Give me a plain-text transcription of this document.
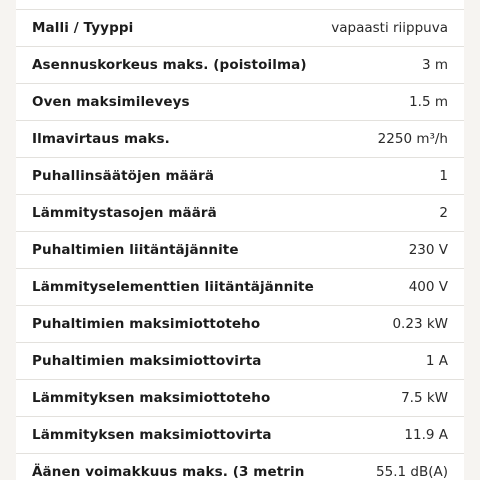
Malli / Tyyppi	vapaasti riippuva
Asennuskorkeus maks. (poistoilma)	3 m
Oven maksimileveys	1.5 m
Ilmavirtaus maks.	2250 m³/h
Puhallinsäätöjen määrä	1
Lämmitystasojen määrä	2
Puhaltimien liitäntäjännite	230 V
Lämmityselementtien liitäntäjännite	400 V
Puhaltimien maksimiottoteho	0.23 kW
Puhaltimien maksimiottovirta	1 A
Lämmityksen maksimiottoteho	7.5 kW
Lämmityksen maksimiottovirta	11.9 A
Äänen voimakkuus maks. (3 metrin	55.1 dB(A)
